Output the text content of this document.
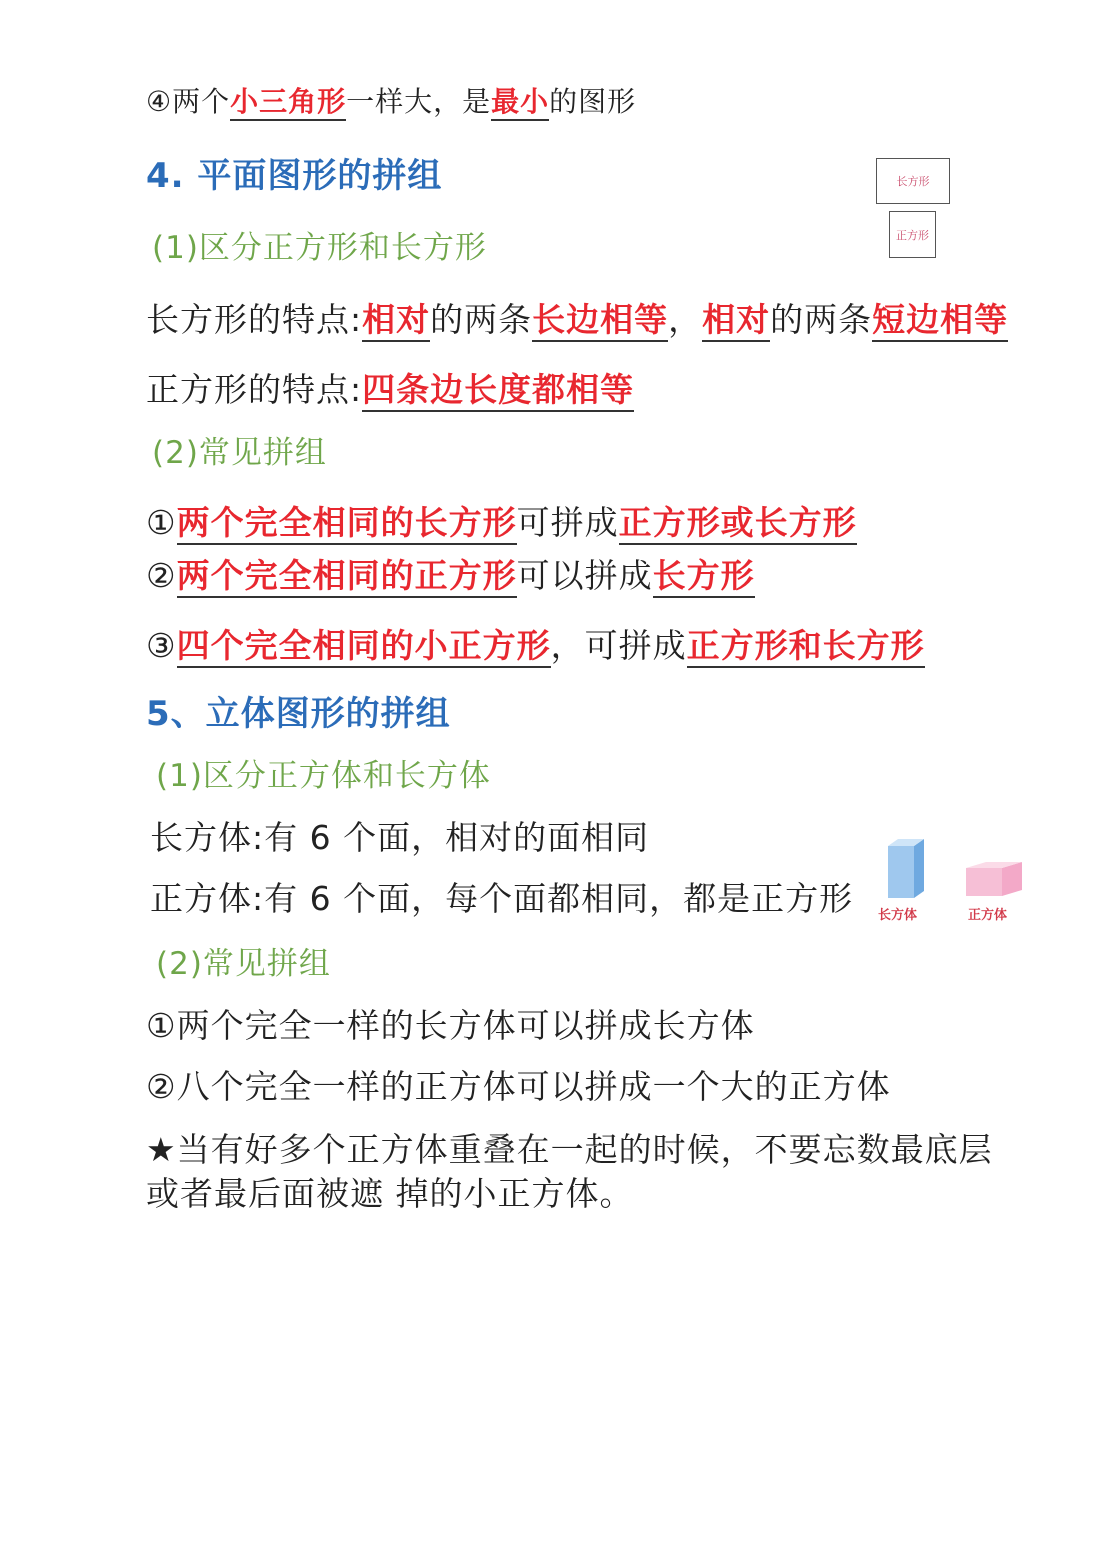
④两个小三角形一样大，是最小的图形
4. 平面图形的拼组	长方形
正方形
(1)区分正方形和长方形
长方形的特点:相对的两条长边相等，相对的两条短边相等
正方形的特点:四条边长度都相等
(2)常见拼组
①两个完全相同的长方形可拼成正方形或长方形
②两个完全相同的正方形可以拼成长方形
③四个完全相同的小正方形，可拼成正方形和长方形
5、立体图形的拼组
(1)区分正方体和长方体
长方体:有 6 个面，相对的面相同
正方体:有 6 个面，每个面都相同，都是正方形 长方体	正方体
(2)常见拼组
①两个完全一样的长方体可以拼成长方体
②八个完全一样的正方体可以拼成一个大的正方体
★当有好多个正方体重叠在一起的时候，不要忘数最底层
或者最后面被遮 掉的小正方体。
